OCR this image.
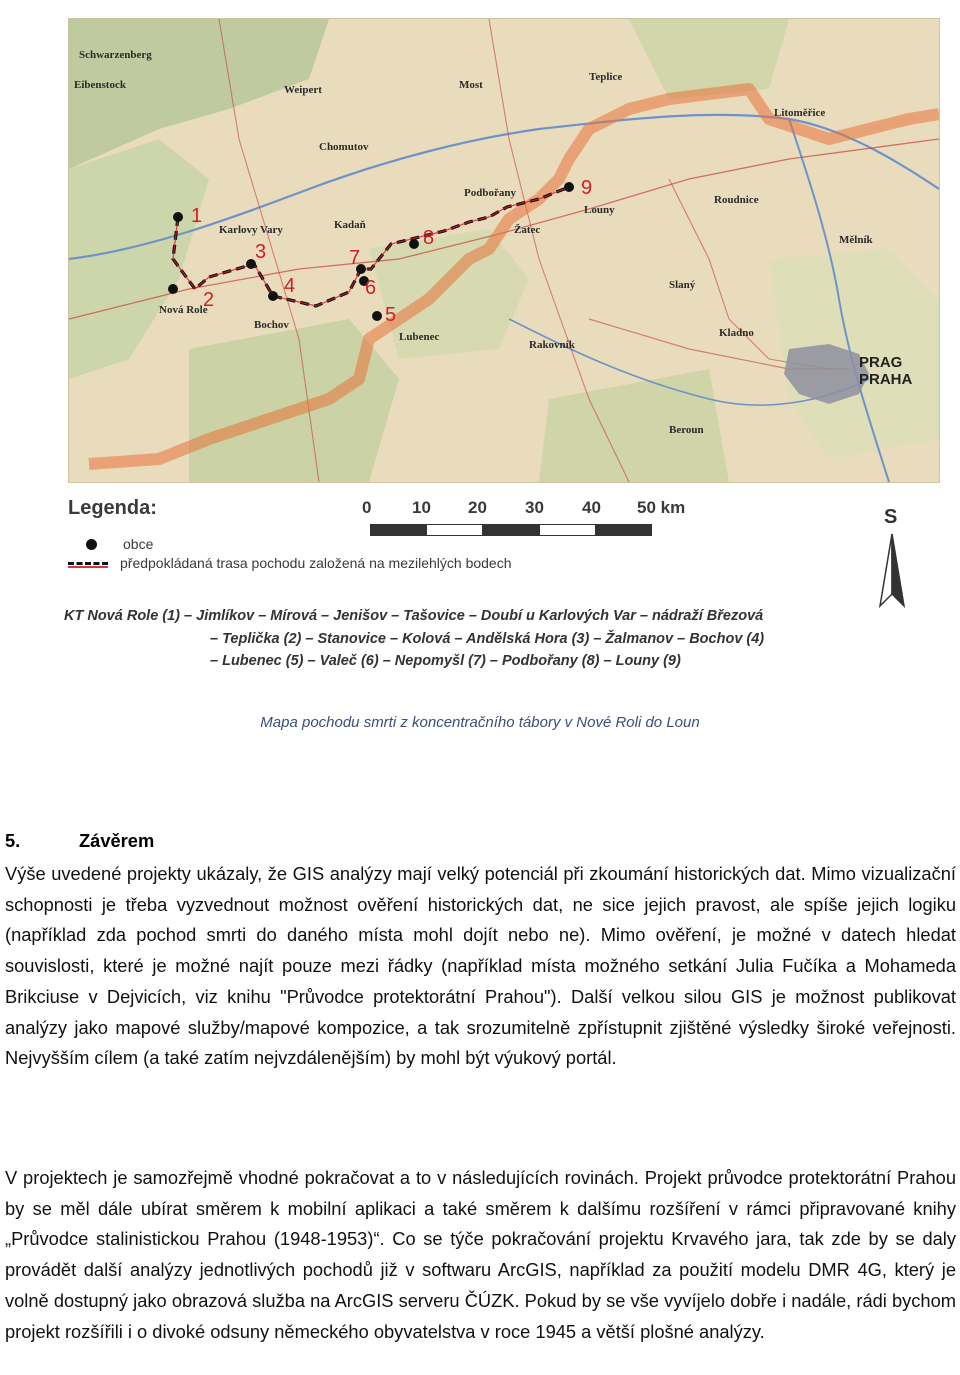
1
2
3
4
5
6
7
8
9
Chomutov
Kadaň	Žatec
Louny
Karlovy Vary
Nová Role
Bochov
Lubenec
Podbořany
Rakovník
Kladno
Slaný
Mělník
Litoměřice
Teplice
Most
Beroun
Roudnice
Weipert
Schwarzenberg
Eibenstock
PRAG
PRAHA
Legenda:	0 10 20 30 40 50 km
obce
předpokládaná trasa pochodu založená na mezilehlých bodech
S
KT Nová Role (1) – Jimlíkov – Mírová – Jenišov – Tašovice – Doubí u Karlových Var – nádraží Březová
– Teplička (2) – Stanovice – Kolová – Andělská Hora (3) – Žalmanov – Bochov (4)
– Lubenec (5) – Valeč (6) – Nepomyšl (7) – Podbořany (8) – Louny (9)
Mapa pochodu smrti z koncentračního tábory v Nové Roli do Loun
5.	Závěrem
Výše uvedené projekty ukázaly, že GIS analýzy mají velký potenciál při zkoumání historických dat. Mimo vizualizační schopnosti je třeba vyzvednout možnost ověření historických dat, ne sice jejich pravost, ale spíše jejich logiku (například zda pochod smrti do daného místa mohl dojít nebo ne). Mimo ověření, je možné v datech hledat souvislosti, které je možné najít pouze mezi řádky (například místa možného setkání Julia Fučíka a Mohameda Brikciuse v Dejvicích, viz knihu "Průvodce protektorátní Prahou"). Další velkou silou GIS je možnost publikovat analýzy jako mapové služby/mapové kompozice, a tak srozumitelně zpřístupnit zjištěné výsledky široké veřejnosti. Nejvyšším cílem (a také zatím nejvzdálenějším) by mohl být výukový portál.
V projektech je samozřejmě vhodné pokračovat a to v následujících rovinách. Projekt průvodce protektorátní Prahou by se měl dále ubírat směrem k mobilní aplikaci a také směrem k dalšímu rozšíření v rámci připravované knihy „Průvodce stalinistickou Prahou (1948-1953)“. Co se týče pokračování projektu Krvavého jara, tak zde by se daly provádět další analýzy jednotlivých pochodů již v softwaru ArcGIS, například za použití modelu DMR 4G, který je volně dostupný jako obrazová služba na ArcGIS serveru ČÚZK. Pokud by se vše vyvíjelo dobře i nadále, rádi bychom projekt rozšířili i o divoké odsuny německého obyvatelstva v roce 1945 a větší plošné analýzy.
